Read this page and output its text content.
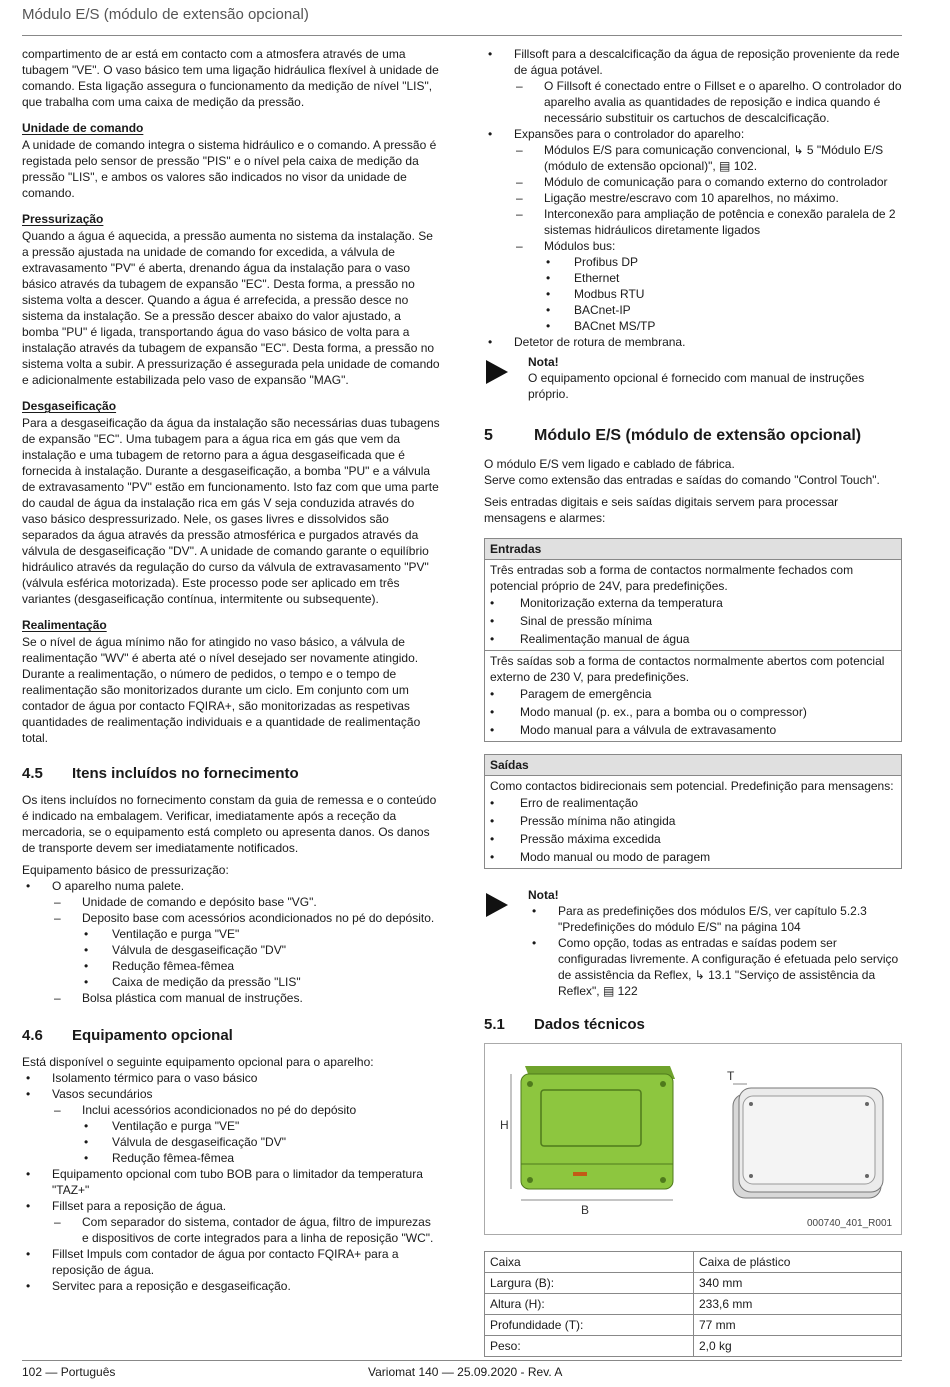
Módulo E/S (módulo de extensão opcional)

compartimento de ar está em contacto com a atmosfera através de uma tubagem "VE". O vaso básico tem uma ligação hidráulica flexível à unidade de comando. Esta ligação assegura o funcionamento da medição de nível "LIS", que trabalha com uma caixa de medição da pressão.

Unidade de comando

A unidade de comando integra o sistema hidráulico e o comando. A pressão é registada pelo sensor de pressão "PIS" e o nível pela caixa de medição da pressão "LIS", e ambos os valores são indicados no visor da unidade de comando.

Pressurização

Quando a água é aquecida, a pressão aumenta no sistema da instalação. Se a pressão ajustada na unidade de comando for excedida, a válvula de extravasamento "PV" é aberta, drenando água da instalação para o vaso básico através da tubagem de expansão "EC". Desta forma, a pressão no sistema volta a descer. Quando a água é arrefecida, a pressão desce no sistema da instalação. Se a pressão descer abaixo do valor ajustado, a bomba "PU" é ligada, transportando água do vaso básico de volta para a instalação através da tubagem de expansão "EC". Desta forma, a pressão no sistema volta a subir. A pressurização é assegurada pela unidade de comando e adicionalmente estabilizada pelo vaso de expansão "MAG".

Desgaseificação

Para a desgaseificação da água da instalação são necessárias duas tubagens de expansão "EC". Uma tubagem para a água rica em gás que vem da instalação e uma tubagem de retorno para a água desgaseificada que é fornecida à instalação. Durante a desgaseificação, a bomba "PU" e a válvula de extravasamento "PV" estão em funcionamento. Isto faz com que uma parte do caudal de água da instalação rica em gás V seja conduzida através do vaso básico despressurizado. Nele, os gases livres e dissolvidos são separados da água através da pressão atmosférica e purgados através da válvula de desgaseificação "DV". A unidade de comando garante o equilíbrio hidráulico através da regulação do curso da válvula de extravasamento "PV" (válvula esférica motorizada). Este processo pode ser aplicado em três variantes (desgaseificação contínua, intermitente ou subsequente).

Realimentação

Se o nível de água mínimo não for atingido no vaso básico, a válvula de realimentação "WV" é aberta até o nível desejado ser novamente atingido. Durante a realimentação, o número de pedidos, o tempo e o tempo de realimentação são monitorizados durante um ciclo. Em conjunto com um contador de água por contacto FQIRA+, são monitorizadas as respetivas quantidades de realimentação individuais e a quantidade de realimentação total.

4.5	Itens incluídos no fornecimento

Os itens incluídos no fornecimento constam da guia de remessa e o conteúdo é indicado na embalagem. Verificar, imediatamente após a receção da mercadoria, se o equipamento está completo ou apresenta danos. Os danos de transporte devem ser imediatamente notificados.

Equipamento básico de pressurização:

• O aparelho numa palete.
– Unidade de comando e depósito base "VG".
– Deposito base com acessórios acondicionados no pé do depósito.
• Ventilação e purga "VE"
• Válvula de desgaseificação "DV"
• Redução fêmea-fêmea
• Caixa de medição da pressão "LIS"
– Bolsa plástica com manual de instruções.
4.6	Equipamento opcional

Está disponível o seguinte equipamento opcional para o aparelho:

• Isolamento térmico para o vaso básico
• Vasos secundários
– Inclui acessórios acondicionados no pé do depósito
• Ventilação e purga "VE"
• Válvula de desgaseificação "DV"
• Redução fêmea-fêmea
• Equipamento opcional com tubo BOB para o limitador da temperatura "TAZ+"
• Fillset para a reposição de água.
– Com separador do sistema, contador de água, filtro de impurezas e dispositivos de corte integrados para a linha de reposição "WC".
• Fillset Impuls com contador de água por contacto FQIRA+ para a reposição de água.
• Servitec para a reposição e desgaseificação.
• Fillsoft para a descalcificação da água de reposição proveniente da rede de água potável.
– O Fillsoft é conectado entre o Fillset e o aparelho. O controlador do aparelho avalia as quantidades de reposição e indica quando é necessário substituir os cartuchos de descalcificação.
• Expansões para o controlador do aparelho:
– Módulos E/S para comunicação convencional, ↳ 5 "Módulo E/S (módulo de extensão opcional)", ▤ 102.
– Módulo de comunicação para o comando externo do controlador
– Ligação mestre/escravo com 10 aparelhos, no máximo.
– Interconexão para ampliação de potência e conexão paralela de 2 sistemas hidráulicos diretamente ligados
– Módulos bus:
• Profibus DP
• Ethernet
• Modbus RTU
• BACnet-IP
• BACnet MS/TP
• Detetor de rotura de membrana.
Nota!
O equipamento opcional é fornecido com manual de instruções próprio.
5	Módulo E/S (módulo de extensão opcional)

O módulo E/S vem ligado e cablado de fábrica.
Serve como extensão das entradas e saídas do comando "Control Touch".

Seis entradas digitais e seis saídas digitais servem para processar mensagens e alarmes:

Entradas
Três entradas sob a forma de contactos normalmente fechados com potencial próprio de 24V, para predefinições.
• Monitorização externa da temperatura
• Sinal de pressão mínima
• Realimentação manual de água
Três saídas sob a forma de contactos normalmente abertos com potencial externo de 230 V, para predefinições.
• Paragem de emergência
• Modo manual (p. ex., para a bomba ou o compressor)
• Modo manual para a válvula de extravasamento
Saídas
Como contactos bidirecionais sem potencial. Predefinição para mensagens:
• Erro de realimentação
• Pressão mínima não atingida
• Pressão máxima excedida
• Modo manual ou modo de paragem
Nota!
• Para as predefinições dos módulos E/S, ver capítulo 5.2.3 "Predefinições do módulo E/S" na página 104
• Como opção, todas as entradas e saídas podem ser configuradas livremente. A configuração é efetuada pelo serviço de assistência da Reflex, ↳ 13.1 "Serviço de assistência da Reflex", ▤ 122
5.1	Dados técnicos
H
B
T
000740_401_R001
Caixa	Caixa de plástico
Largura (B):	340 mm
Altura (H):	233,6 mm
Profundidade (T):	77 mm
Peso:	2,0 kg
102 — Português	Variomat 140 — 25.09.2020 - Rev. A
